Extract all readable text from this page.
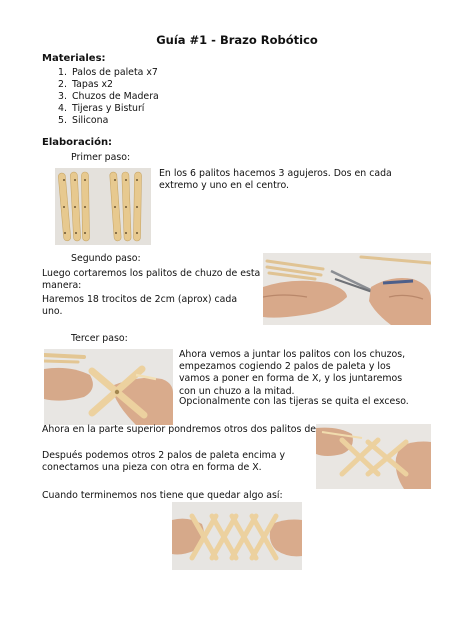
Guía #1 - Brazo Robótico
Materiales:
1. Palos de paleta x7
2. Tapas x2
3. Chuzos de Madera
4. Tijeras y Bisturí
5. Silicona
Elaboración:
Primer paso:
En los 6 palitos hacemos 3 agujeros. Dos en cada extremo y uno en el centro.
Segundo paso:
Luego cortaremos los palitos de chuzo de esta manera:
Haremos 18 trocitos de 2cm (aprox) cada uno.
Tercer paso:
Ahora vemos a juntar los palitos con los chuzos, empezamos cogiendo 2 palos de paleta y los vamos a poner en forma de X, y los juntaremos con un chuzo a la mitad.
Opcionalmente con las tijeras se quita el exceso.
Ahora en la parte superior pondremos otros dos palitos de
Después podemos otros 2 palos de paleta encima y conectamos una pieza con otra en forma de X.
Cuando terminemos nos tiene que quedar algo así:
